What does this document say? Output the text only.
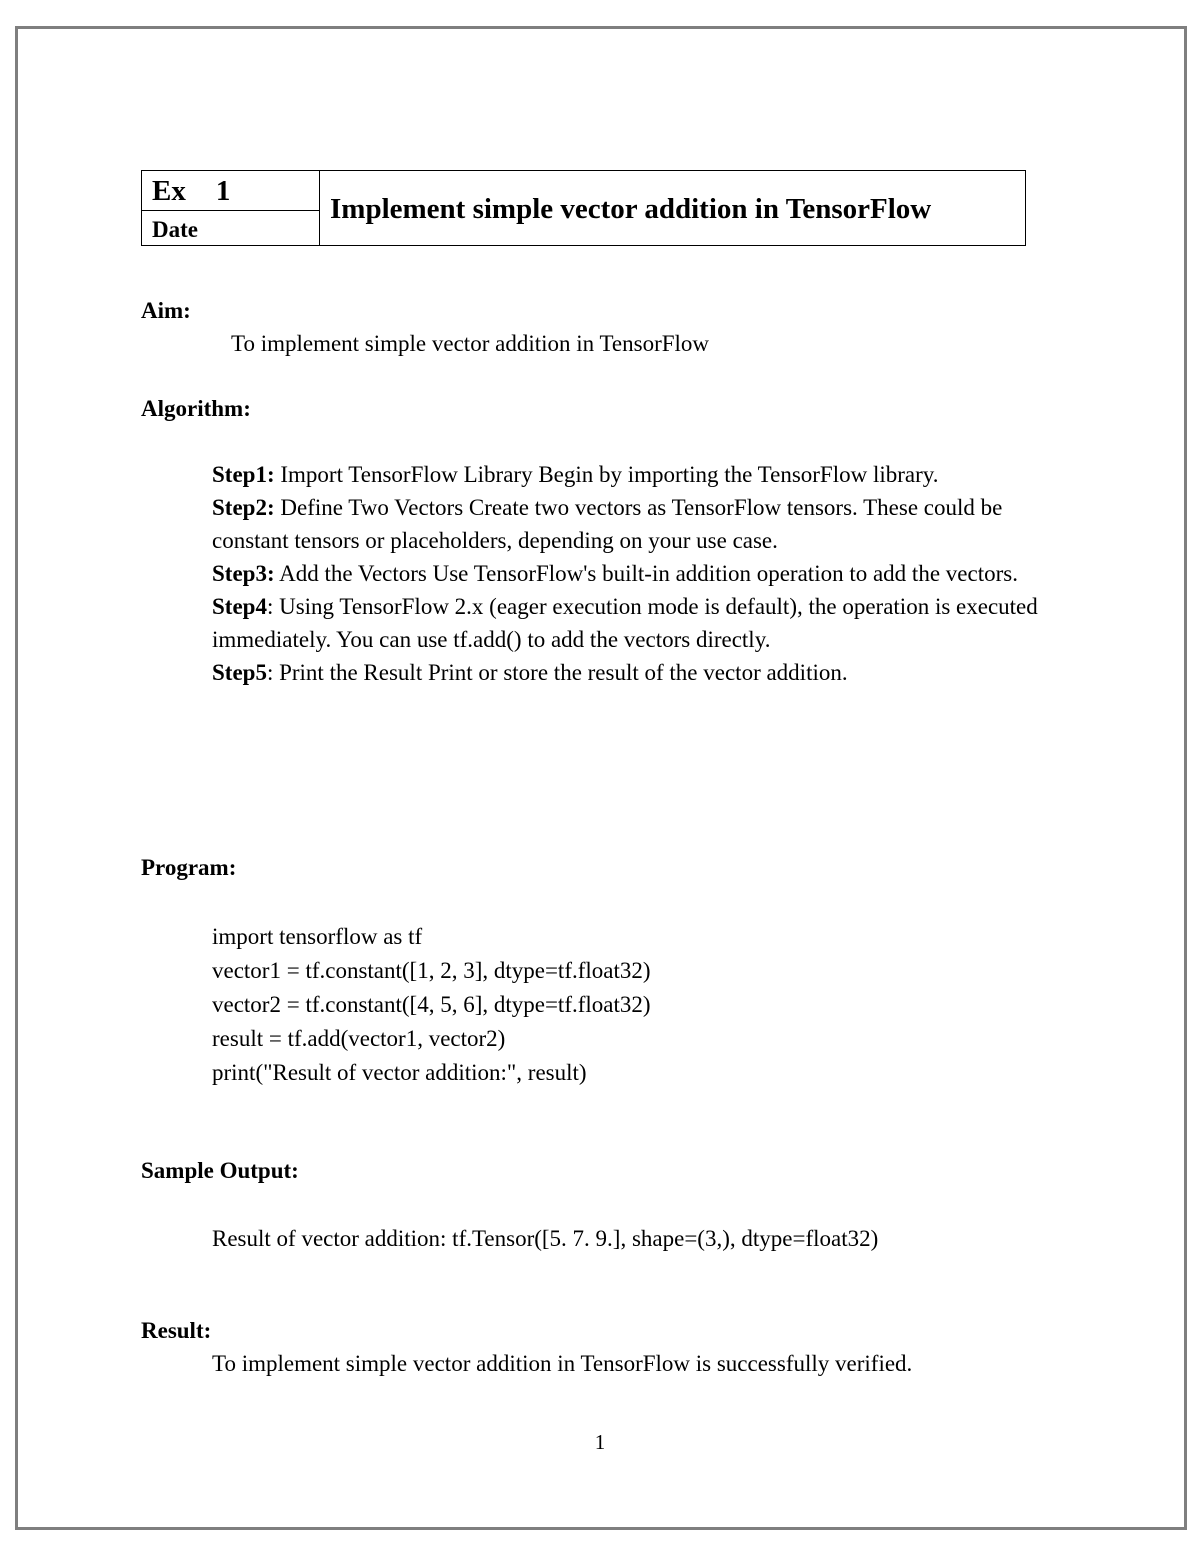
Ex 1
Date
Implement simple vector addition in TensorFlow
Aim:
To implement simple vector addition in TensorFlow
Algorithm:

Step1: Import TensorFlow Library Begin by importing the TensorFlow library.

Step2: Define Two Vectors Create two vectors as TensorFlow tensors. These could be constant tensors or placeholders, depending on your use case.

Step3: Add the Vectors Use TensorFlow's built-in addition operation to add the vectors.

Step4: Using TensorFlow 2.x (eager execution mode is default), the operation is executed immediately. You can use tf.add() to add the vectors directly.

Step5: Print the Result Print or store the result of the vector addition.

Program:
import tensorflow as tf
vector1 = tf.constant([1, 2, 3], dtype=tf.float32)
vector2 = tf.constant([4, 5, 6], dtype=tf.float32)
result = tf.add(vector1, vector2)
print("Result of vector addition:", result)
Sample Output:
Result of vector addition: tf.Tensor([5. 7. 9.], shape=(3,), dtype=float32)
Result:
To implement simple vector addition in TensorFlow is successfully verified.
1
